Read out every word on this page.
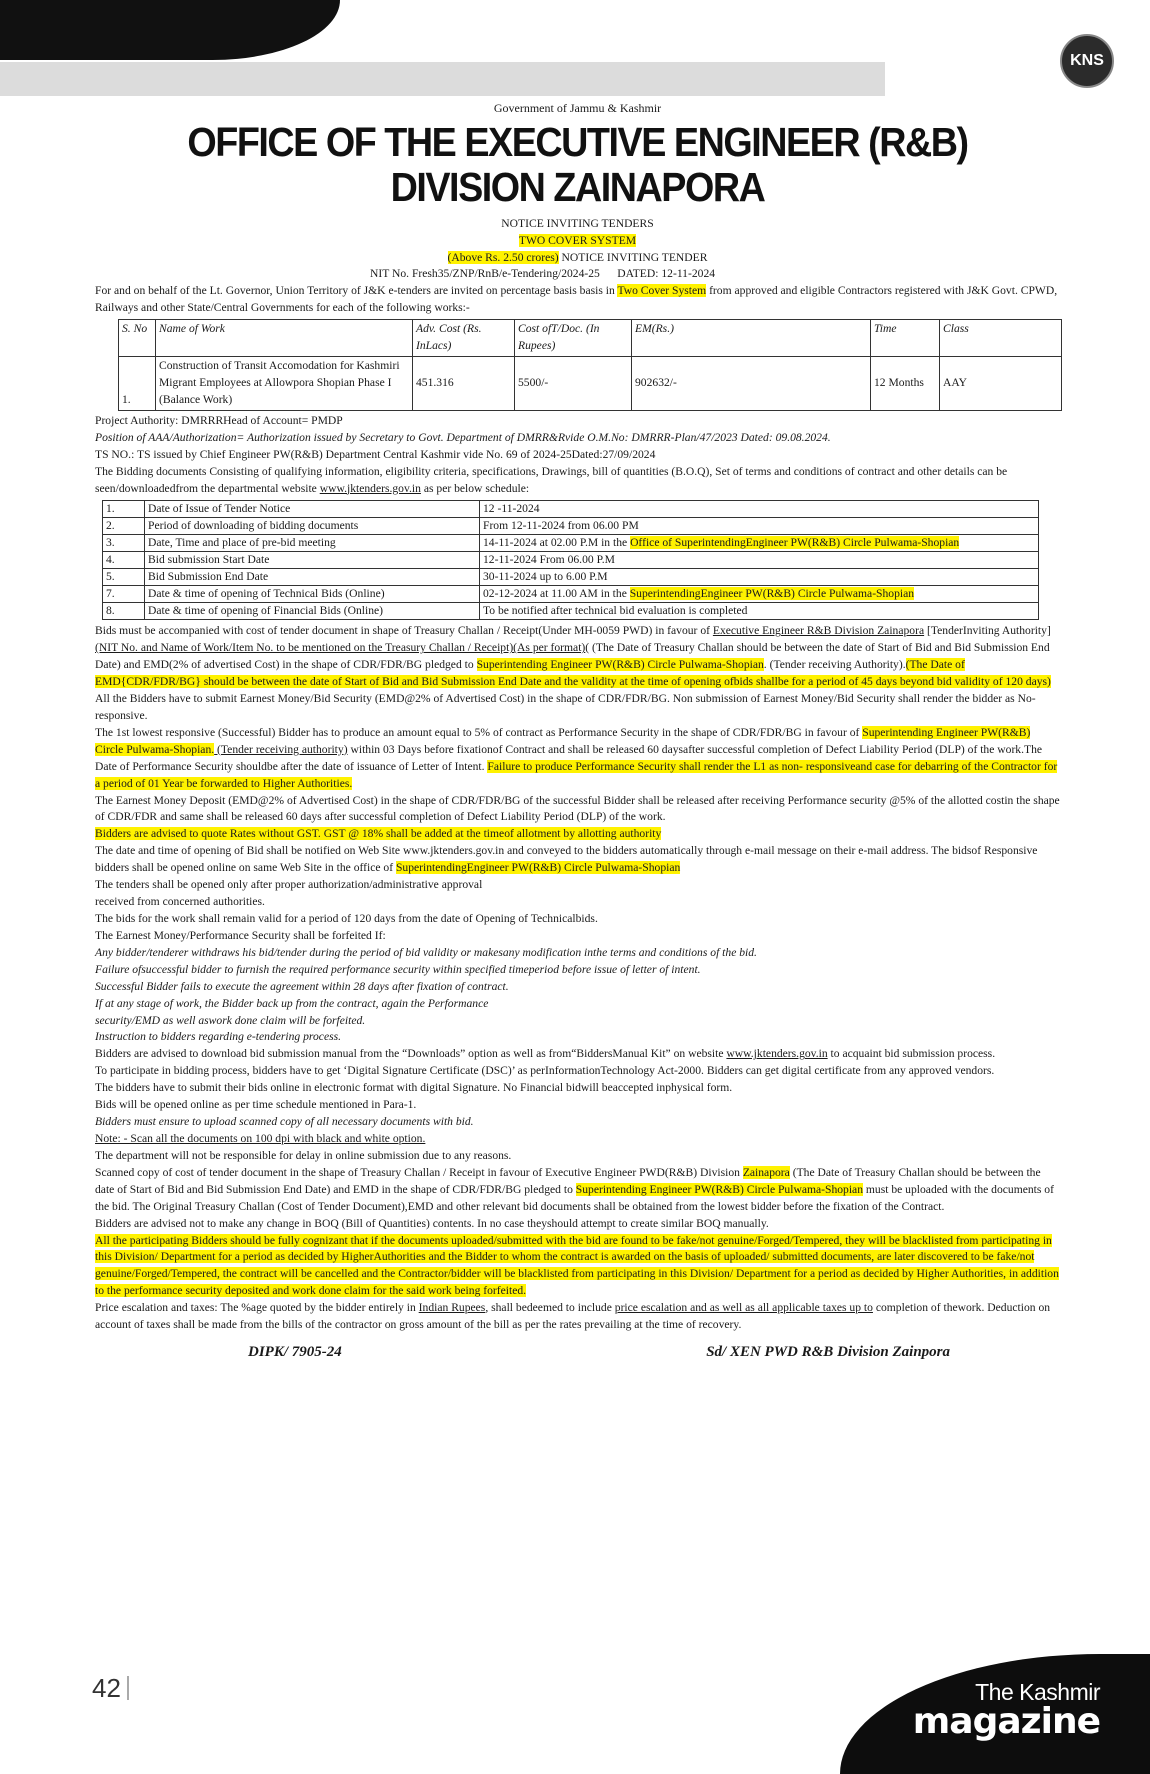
KNS
Government of Jammu & Kashmir
OFFICE OF THE EXECUTIVE ENGINEER (R&B) DIVISION ZAINAPORA
NOTICE INVITING TENDERS
TWO COVER SYSTEM
(Above Rs. 2.50 crores) NOTICE INVITING TENDER
NIT No. Fresh35/ZNP/RnB/e-Tendering/2024-25 DATED: 12-11-2024

For and on behalf of the Lt. Governor, Union Territory of J&K e-tenders are invited on percentage basis basis in Two Cover System from approved and eligible Contractors registered with J&K Govt. CPWD, Railways and other State/Central Governments for each of the following works:-

S. No	Name of Work	Adv. Cost (Rs. InLacs)	Cost ofT/Doc. (In Rupees)	EM(Rs.)	Time	Class
1.	Construction of Transit Accomodation for Kashmiri Migrant Employees at Allowpora Shopian Phase I (Balance Work)	451.316	5500/-	902632/-	12 Months	AAY

Project Authority: DMRRRHead of Account= PMDP

Position of AAA/Authorization= Authorization issued by Secretary to Govt. Department of DMRR&Rvide O.M.No: DMRRR-Plan/47/2023 Dated: 09.08.2024.

TS NO.: TS issued by Chief Engineer PW(R&B) Department Central Kashmir vide No. 69 of 2024-25Dated:27/09/2024

The Bidding documents Consisting of qualifying information, eligibility criteria, specifications, Drawings, bill of quantities (B.O.Q), Set of terms and conditions of contract and other details can be seen/downloadedfrom the departmental website www.jktenders.gov.in as per below schedule:

1.	Date of Issue of Tender Notice	12 -11-2024
2.	Period of downloading of bidding documents	From 12-11-2024 from 06.00 PM
3.	Date, Time and place of pre-bid meeting	14-11-2024 at 02.00 P.M in the Office of SuperintendingEngineer PW(R&B) Circle Pulwama-Shopian
4.	Bid submission Start Date	12-11-2024 From 06.00 P.M
5.	Bid Submission End Date	30-11-2024 up to 6.00 P.M
7.	Date & time of opening of Technical Bids (Online)	02-12-2024 at 11.00 AM in the SuperintendingEngineer PW(R&B) Circle Pulwama-Shopian
8.	Date & time of opening of Financial Bids (Online)	To be notified after technical bid evaluation is completed

Bids must be accompanied with cost of tender document in shape of Treasury Challan / Receipt(Under MH-0059 PWD) in favour of Executive Engineer R&B Division Zainapora [TenderInviting Authority] (NIT No. and Name of Work/Item No. to be mentioned on the Treasury Challan / Receipt)(As per format)( (The Date of Treasury Challan should be between the date of Start of Bid and Bid Submission End Date) and EMD(2% of advertised Cost) in the shape of CDR/FDR/BG pledged to Superintending Engineer PW(R&B) Circle Pulwama-Shopian. (Tender receiving Authority).(The Date of EMD{CDR/FDR/BG} should be between the date of Start of Bid and Bid Submission End Date and the validity at the time of opening ofbids shallbe for a period of 45 days beyond bid validity of 120 days)

All the Bidders have to submit Earnest Money/Bid Security (EMD@2% of Advertised Cost) in the shape of CDR/FDR/BG. Non submission of Earnest Money/Bid Security shall render the bidder as No-responsive.

The 1st lowest responsive (Successful) Bidder has to produce an amount equal to 5% of contract as Performance Security in the shape of CDR/FDR/BG in favour of Superintending Engineer PW(R&B) Circle Pulwama-Shopian. (Tender receiving authority) within 03 Days before fixationof Contract and shall be released 60 daysafter successful completion of Defect Liability Period (DLP) of the work.The Date of Performance Security shouldbe after the date of issuance of Letter of Intent. Failure to produce Performance Security shall render the L1 as non- responsiveand case for debarring of the Contractor for a period of 01 Year be forwarded to Higher Authorities.

The Earnest Money Deposit (EMD@2% of Advertised Cost) in the shape of CDR/FDR/BG of the successful Bidder shall be released after receiving Performance security @5% of the allotted costin the shape of CDR/FDR and same shall be released 60 days after successful completion of Defect Liability Period (DLP) of the work.

Bidders are advised to quote Rates without GST. GST @ 18% shall be added at the timeof allotment by allotting authority

The date and time of opening of Bid shall be notified on Web Site www.jktenders.gov.in and conveyed to the bidders automatically through e-mail message on their e-mail address. The bidsof Responsive bidders shall be opened online on same Web Site in the office of SuperintendingEngineer PW(R&B) Circle Pulwama-Shopian

The tenders shall be opened only after proper authorization/administrative approval

received from concerned authorities.

The bids for the work shall remain valid for a period of 120 days from the date of Opening of Technicalbids.

The Earnest Money/Performance Security shall be forfeited If:

Any bidder/tenderer withdraws his bid/tender during the period of bid validity or makesany modification inthe terms and conditions of the bid.

Failure ofsuccessful bidder to furnish the required performance security within specified timeperiod before issue of letter of intent.

Successful Bidder fails to execute the agreement within 28 days after fixation of contract.

If at any stage of work, the Bidder back up from the contract, again the Performance

security/EMD as well aswork done claim will be forfeited.

Instruction to bidders regarding e-tendering process.

Bidders are advised to download bid submission manual from the “Downloads” option as well as from“BiddersManual Kit” on website www.jktenders.gov.in to acquaint bid submission process.

To participate in bidding process, bidders have to get ‘Digital Signature Certificate (DSC)’ as perInformationTechnology Act-2000. Bidders can get digital certificate from any approved vendors.

The bidders have to submit their bids online in electronic format with digital Signature. No Financial bidwill beaccepted inphysical form.

Bids will be opened online as per time schedule mentioned in Para-1.

Bidders must ensure to upload scanned copy of all necessary documents with bid.

Note: - Scan all the documents on 100 dpi with black and white option.

The department will not be responsible for delay in online submission due to any reasons.

Scanned copy of cost of tender document in the shape of Treasury Challan / Receipt in favour of Executive Engineer PWD(R&B) Division Zainapora (The Date of Treasury Challan should be between the date of Start of Bid and Bid Submission End Date) and EMD in the shape of CDR/FDR/BG pledged to Superintending Engineer PW(R&B) Circle Pulwama-Shopian must be uploaded with the documents of the bid. The Original Treasury Challan (Cost of Tender Document),EMD and other relevant bid documents shall be obtained from the lowest bidder before the fixation of the Contract.

Bidders are advised not to make any change in BOQ (Bill of Quantities) contents. In no case theyshould attempt to create similar BOQ manually.

All the participating Bidders should be fully cognizant that if the documents uploaded/submitted with the bid are found to be fake/not genuine/Forged/Tempered, they will be blacklisted from participating in this Division/ Department for a period as decided by HigherAuthorities and the Bidder to whom the contract is awarded on the basis of uploaded/ submitted documents, are later discovered to be fake/not genuine/Forged/Tempered, the contract will be cancelled and the Contractor/bidder will be blacklisted from participating in this Division/ Department for a period as decided by Higher Authorities, in addition to the performance security deposited and work done claim for the said work being forfeited.

Price escalation and taxes: The %age quoted by the bidder entirely in Indian Rupees, shall bedeemed to include price escalation and as well as all applicable taxes up to completion of thework. Deduction on account of taxes shall be made from the bills of the contractor on gross amount of the bill as per the rates prevailing at the time of recovery.

DIPK/ 7905-24	Sd/ XEN PWD R&B Division Zainpora
42	The Kashmir
magazine
